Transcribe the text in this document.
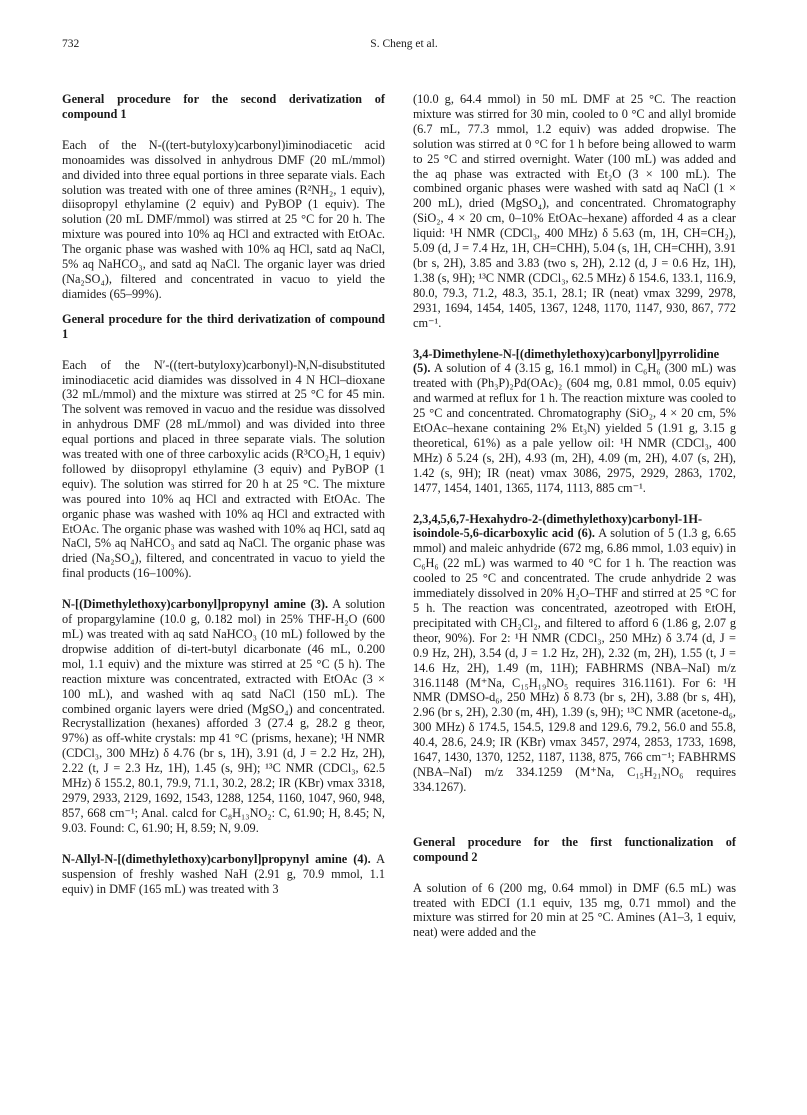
732	S. Cheng et al.
General procedure for the second derivatization of compound 1

Each of the N-((tert-butyloxy)carbonyl)iminodiacetic acid monoamides was dissolved in anhydrous DMF (20 mL/mmol) and divided into three equal portions in three separate vials. Each solution was treated with one of three amines (R²NH₂, 1 equiv), diisopropyl ethylamine (2 equiv) and PyBOP (1 equiv). The solution (20 mL DMF/mmol) was stirred at 25 °C for 20 h. The mixture was poured into 10% aq HCl and extracted with EtOAc. The organic phase was washed with 10% aq HCl, satd aq NaCl, 5% aq NaHCO₃, and satd aq NaCl. The organic layer was dried (Na₂SO₄), filtered and concentrated in vacuo to yield the diamides (65–99%).

General procedure for the third derivatization of compound 1

Each of the N′-((tert-butyloxy)carbonyl)-N,N-disubstituted iminodiacetic acid diamides was dissolved in 4 N HCl–dioxane (32 mL/mmol) and the mixture was stirred at 25 °C for 45 min. The solvent was removed in vacuo and the residue was dissolved in anhydrous DMF (28 mL/mmol) and was divided into three equal portions and placed in three separate vials. The solution was treated with one of three carboxylic acids (R³CO₂H, 1 equiv) followed by diisopropyl ethylamine (3 equiv) and PyBOP (1 equiv). The solution was stirred for 20 h at 25 °C. The mixture was poured into 10% aq HCl and extracted with EtOAc. The organic phase was washed with 10% aq HCl and extracted with EtOAc. The organic phase was washed with 10% aq HCl, satd aq NaCl, 5% aq NaHCO₃ and satd aq NaCl. The organic phase was dried (Na₂SO₄), filtered, and concentrated in vacuo to yield the final products (16–100%).

N-[(Dimethylethoxy)carbonyl]propynyl amine (3). A solution of propargylamine (10.0 g, 0.182 mol) in 25% THF-H₂O (600 mL) was treated with aq satd NaHCO₃ (10 mL) followed by the dropwise addition of di-tert-butyl dicarbonate (46 mL, 0.200 mol, 1.1 equiv) and the mixture was stirred at 25 °C (5 h). The reaction mixture was concentrated, extracted with EtOAc (3 × 100 mL), and washed with aq satd NaCl (150 mL). The combined organic layers were dried (MgSO₄) and concentrated. Recrystallization (hexanes) afforded 3 (27.4 g, 28.2 g theor, 97%) as off-white crystals: mp 41 °C (prisms, hexane); ¹H NMR (CDCl₃, 300 MHz) δ 4.76 (br s, 1H), 3.91 (d, J = 2.2 Hz, 2H), 2.22 (t, J = 2.3 Hz, 1H), 1.45 (s, 9H); ¹³C NMR (CDCl₃, 62.5 MHz) δ 155.2, 80.1, 79.9, 71.1, 30.2, 28.2; IR (KBr) νmax 3318, 2979, 2933, 2129, 1692, 1543, 1288, 1254, 1160, 1047, 960, 948, 857, 668 cm⁻¹; Anal. calcd for C₈H₁₃NO₂: C, 61.90; H, 8.45; N, 9.03. Found: C, 61.90; H, 8.59; N, 9.09.

N-Allyl-N-[(dimethylethoxy)carbonyl]propynyl amine (4). A suspension of freshly washed NaH (2.91 g, 70.9 mmol, 1.1 equiv) in DMF (165 mL) was treated with 3

(10.0 g, 64.4 mmol) in 50 mL DMF at 25 °C. The reaction mixture was stirred for 30 min, cooled to 0 °C and allyl bromide (6.7 mL, 77.3 mmol, 1.2 equiv) was added dropwise. The solution was stirred at 0 °C for 1 h before being allowed to warm to 25 °C and stirred overnight. Water (100 mL) was added and the aq phase was extracted with Et₂O (3 × 100 mL). The combined organic phases were washed with satd aq NaCl (1 × 200 mL), dried (MgSO₄), and concentrated. Chromatography (SiO₂, 4 × 20 cm, 0–10% EtOAc–hexane) afforded 4 as a clear liquid: ¹H NMR (CDCl₃, 400 MHz) δ 5.63 (m, 1H, CH=CH₂), 5.09 (d, J = 7.4 Hz, 1H, CH=CHH), 5.04 (s, 1H, CH=CHH), 3.91 (br s, 2H), 3.85 and 3.83 (two s, 2H), 2.12 (d, J = 0.6 Hz, 1H), 1.38 (s, 9H); ¹³C NMR (CDCl₃, 62.5 MHz) δ 154.6, 133.1, 116.9, 80.0, 79.3, 71.2, 48.3, 35.1, 28.1; IR (neat) νmax 3299, 2978, 2931, 1694, 1454, 1405, 1367, 1248, 1170, 1147, 930, 867, 772 cm⁻¹.

3,4-Dimethylene-N-[(dimethylethoxy)carbonyl]pyrrolidine (5). A solution of 4 (3.15 g, 16.1 mmol) in C₆H₆ (300 mL) was treated with (Ph₃P)₂Pd(OAc)₂ (604 mg, 0.81 mmol, 0.05 equiv) and warmed at reflux for 1 h. The reaction mixture was cooled to 25 °C and concentrated. Chromatography (SiO₂, 4 × 20 cm, 5% EtOAc–hexane containing 2% Et₃N) yielded 5 (1.91 g, 3.15 g theoretical, 61%) as a pale yellow oil: ¹H NMR (CDCl₃, 400 MHz) δ 5.24 (s, 2H), 4.93 (m, 2H), 4.09 (m, 2H), 4.07 (s, 2H), 1.42 (s, 9H); IR (neat) νmax 3086, 2975, 2929, 2863, 1702, 1477, 1454, 1401, 1365, 1174, 1113, 885 cm⁻¹.

2,3,4,5,6,7-Hexahydro-2-(dimethylethoxy)carbonyl-1H-isoindole-5,6-dicarboxylic acid (6). A solution of 5 (1.3 g, 6.65 mmol) and maleic anhydride (672 mg, 6.86 mmol, 1.03 equiv) in C₆H₆ (22 mL) was warmed to 40 °C for 1 h. The reaction was cooled to 25 °C and concentrated. The crude anhydride 2 was immediately dissolved in 20% H₂O–THF and stirred at 25 °C for 5 h. The reaction was concentrated, azeotroped with EtOH, precipitated with CH₂Cl₂, and filtered to afford 6 (1.86 g, 2.07 g theor, 90%). For 2: ¹H NMR (CDCl₃, 250 MHz) δ 3.74 (d, J = 0.9 Hz, 2H), 3.54 (d, J = 1.2 Hz, 2H), 2.32 (m, 2H), 1.55 (t, J = 14.6 Hz, 2H), 1.49 (m, 11H); FABHRMS (NBA–NaI) m/z 316.1148 (M⁺Na, C₁₅H₁₉NO₅ requires 316.1161). For 6: ¹H NMR (DMSO-d₆, 250 MHz) δ 8.73 (br s, 2H), 3.88 (br s, 4H), 2.96 (br s, 2H), 2.30 (m, 4H), 1.39 (s, 9H); ¹³C NMR (acetone-d₆, 300 MHz) δ 174.5, 154.5, 129.8 and 129.6, 79.2, 56.0 and 55.8, 40.4, 28.6, 24.9; IR (KBr) νmax 3457, 2974, 2853, 1733, 1698, 1647, 1430, 1370, 1252, 1187, 1138, 875, 766 cm⁻¹; FABHRMS (NBA–NaI) m/z 334.1259 (M⁺Na, C₁₅H₂₁NO₆ requires 334.1267).

General procedure for the first functionalization of compound 2

A solution of 6 (200 mg, 0.64 mmol) in DMF (6.5 mL) was treated with EDCI (1.1 equiv, 135 mg, 0.71 mmol) and the mixture was stirred for 20 min at 25 °C. Amines (A1–3, 1 equiv, neat) were added and the
